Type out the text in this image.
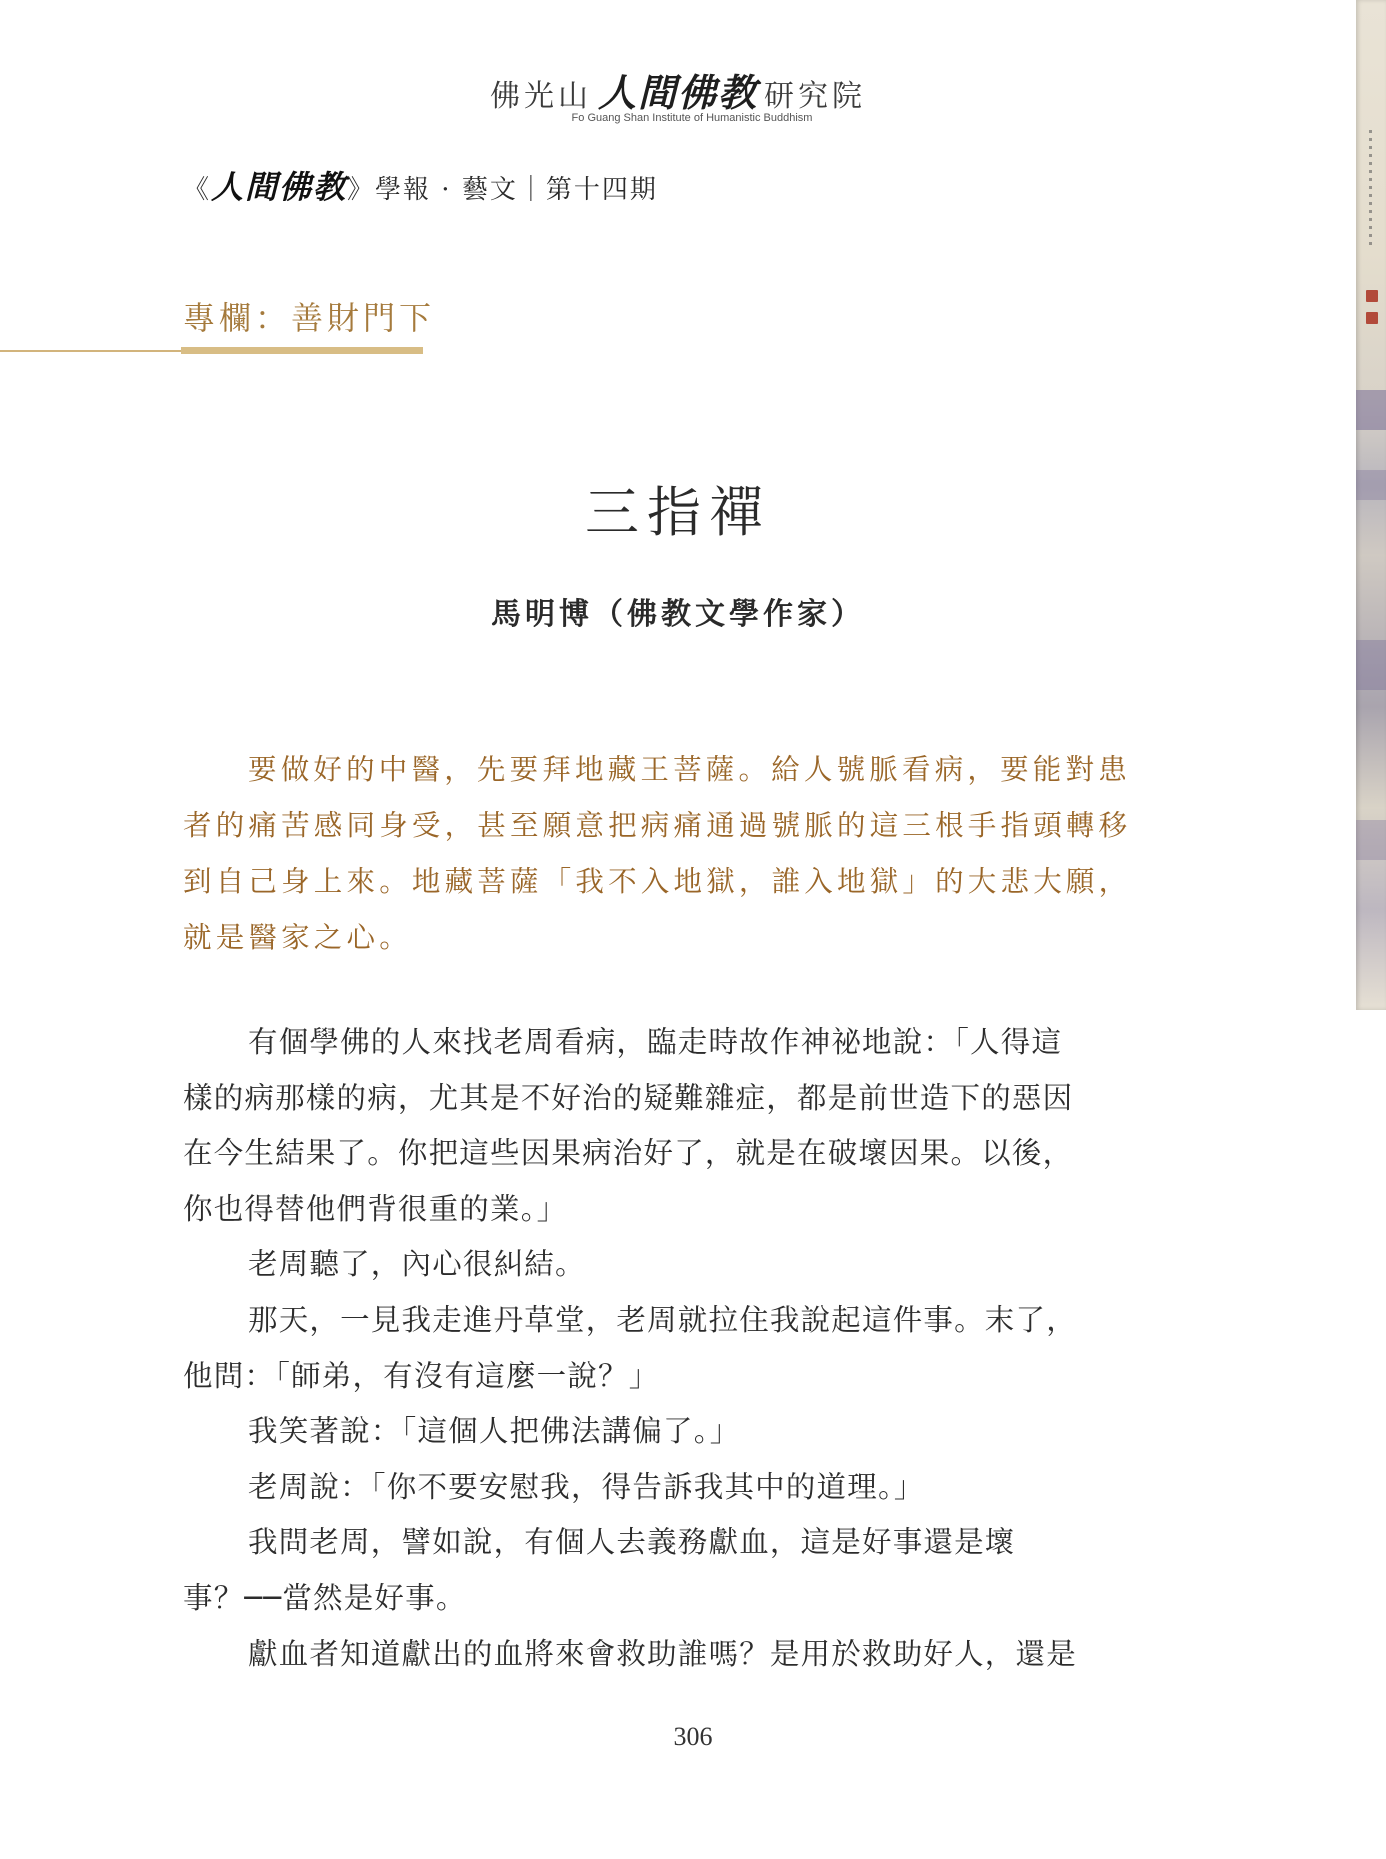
佛光山 人間佛教 研究院
Fo Guang Shan Institute of Humanistic Buddhism
《人間佛教》學報 · 藝文｜第十四期
專欄：善財門下
三指禪
馬明博（佛教文學作家）
要做好的中醫，先要拜地藏王菩薩。給人號脈看病，要能對患
者的痛苦感同身受，甚至願意把病痛通過號脈的這三根手指頭轉移
到自己身上來。地藏菩薩「我不入地獄，誰入地獄」的大悲大願，
就是醫家之心。
有個學佛的人來找老周看病，臨走時故作神祕地說：「人得這
樣的病那樣的病，尤其是不好治的疑難雜症，都是前世造下的惡因
在今生結果了。你把這些因果病治好了，就是在破壞因果。以後，
你也得替他們背很重的業。」
老周聽了，內心很糾結。
那天，一見我走進丹草堂，老周就拉住我說起這件事。末了，
他問：「師弟，有沒有這麼一說？」
我笑著說：「這個人把佛法講偏了。」
老周說：「你不要安慰我，得告訴我其中的道理。」
我問老周，譬如說，有個人去義務獻血，這是好事還是壞
事？──當然是好事。
獻血者知道獻出的血將來會救助誰嗎？是用於救助好人，還是
306
